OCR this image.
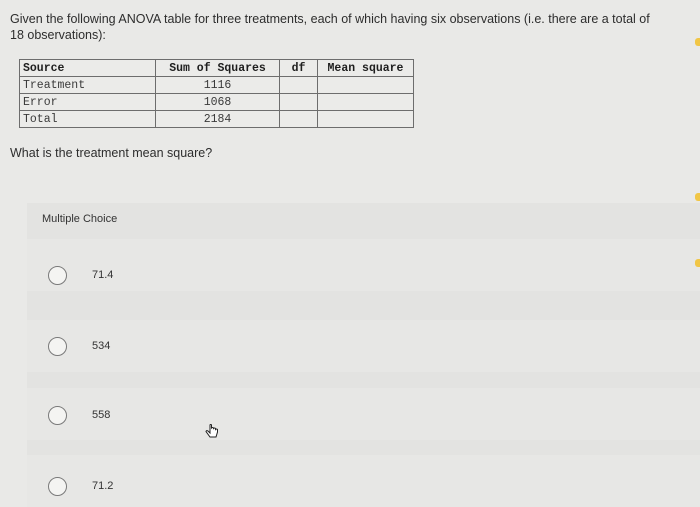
Given the following ANOVA table for three treatments, each of which having six observations (i.e. there are a total of 18 observations):
Source	Sum of Squares	df	Mean square
Treatment	1116		
Error	1068		
Total	2184		
What is the treatment mean square?
Multiple Choice
71.4
534
558
71.2
